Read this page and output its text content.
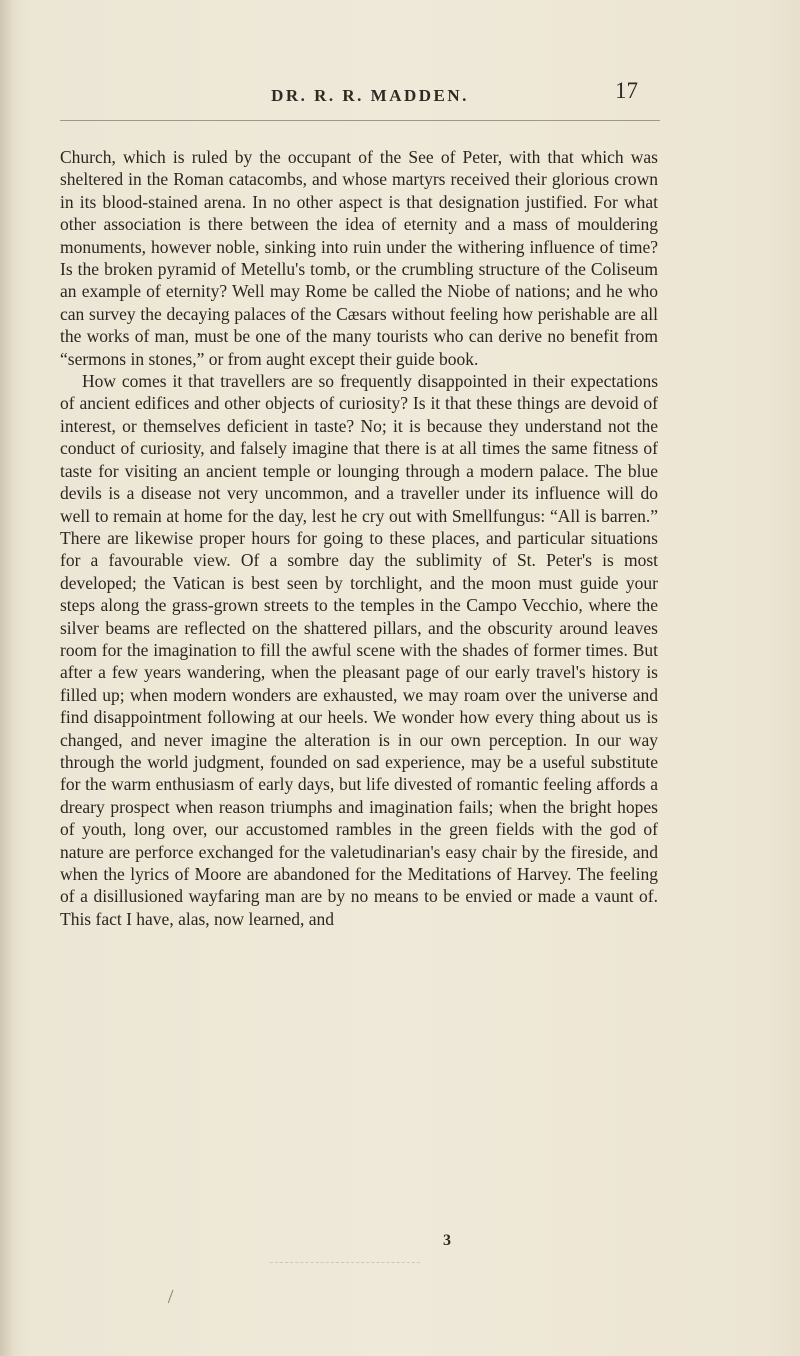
DR. R. R. MADDEN.	17

Church, which is ruled by the occupant of the See of Peter, with that which was sheltered in the Roman catacombs, and whose martyrs received their glorious crown in its blood-stained arena. In no other aspect is that designation justified. For what other association is there between the idea of eternity and a mass of mouldering monuments, however noble, sinking into ruin under the withering influence of time? Is the broken pyramid of Metellu's tomb, or the crumbling structure of the Coliseum an example of eternity? Well may Rome be called the Niobe of nations; and he who can survey the decaying palaces of the Cæsars without feeling how perishable are all the works of man, must be one of the many tourists who can derive no benefit from “sermons in stones,” or from aught except their guide book.

How comes it that travellers are so frequently disappointed in their expectations of ancient edifices and other objects of curiosity? Is it that these things are devoid of interest, or themselves deficient in taste? No; it is because they understand not the conduct of curiosity, and falsely imagine that there is at all times the same fitness of taste for visiting an ancient temple or lounging through a modern palace. The blue devils is a disease not very uncommon, and a traveller under its influence will do well to remain at home for the day, lest he cry out with Smellfungus: “All is barren.” There are likewise proper hours for going to these places, and particular situations for a favourable view. Of a sombre day the sublimity of St. Peter's is most developed; the Vatican is best seen by torchlight, and the moon must guide your steps along the grass-grown streets to the temples in the Campo Vecchio, where the silver beams are reflected on the shattered pillars, and the obscurity around leaves room for the imagination to fill the awful scene with the shades of former times. But after a few years wandering, when the pleasant page of our early travel's history is filled up; when modern wonders are exhausted, we may roam over the universe and find disappointment following at our heels. We wonder how every thing about us is changed, and never imagine the alteration is in our own perception. In our way through the world judgment, founded on sad experience, may be a useful substitute for the warm enthusiasm of early days, but life divested of romantic feeling affords a dreary prospect when reason triumphs and imagination fails; when the bright hopes of youth, long over, our accustomed rambles in the green fields with the god of nature are perforce exchanged for the valetudinarian's easy chair by the fireside, and when the lyrics of Moore are abandoned for the Meditations of Harvey. The feeling of a disillusioned wayfaring man are by no means to be envied or made a vaunt of. This fact I have, alas, now learned, and

3
